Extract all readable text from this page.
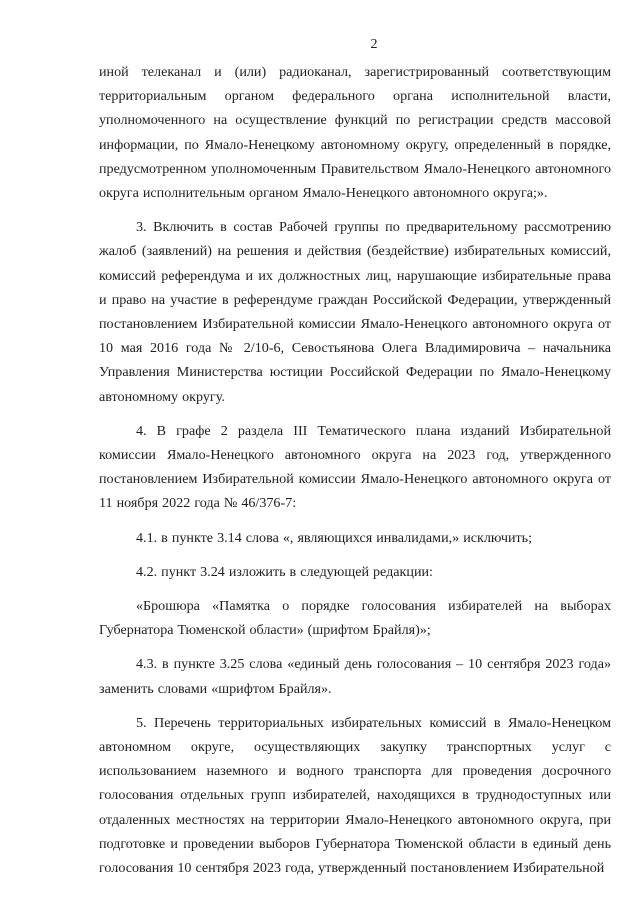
2

иной телеканал и (или) радиоканал, зарегистрированный соответствующим территориальным органом федерального органа исполнительной власти, уполномоченного на осуществление функций по регистрации средств массовой информации, по Ямало-Ненецкому автономному округу, определенный в порядке, предусмотренном уполномоченным Правительством Ямало-Ненецкого автономного округа исполнительным органом Ямало-Ненецкого автономного округа;».

3. Включить в состав Рабочей группы по предварительному рассмотрению жалоб (заявлений) на решения и действия (бездействие) избирательных комиссий, комиссий референдума и их должностных лиц, нарушающие избирательные права и право на участие в референдуме граждан Российской Федерации, утвержденный постановлением Избирательной комиссии Ямало-Ненецкого автономного округа от 10 мая 2016 года № 2/10-6, Севостьянова Олега Владимировича – начальника Управления Министерства юстиции Российской Федерации по Ямало-Ненецкому автономному округу.

4. В графе 2 раздела III Тематического плана изданий Избирательной комиссии Ямало-Ненецкого автономного округа на 2023 год, утвержденного постановлением Избирательной комиссии Ямало-Ненецкого автономного округа от 11 ноября 2022 года № 46/376-7:

4.1. в пункте 3.14 слова «, являющихся инвалидами,» исключить;

4.2. пункт 3.24 изложить в следующей редакции:

«Брошюра «Памятка о порядке голосования избирателей на выборах Губернатора Тюменской области» (шрифтом Брайля)»;

4.3. в пункте 3.25 слова «единый день голосования – 10 сентября 2023 года» заменить словами «шрифтом Брайля».

5. Перечень территориальных избирательных комиссий в Ямало-Ненецком автономном округе, осуществляющих закупку транспортных услуг с использованием наземного и водного транспорта для проведения досрочного голосования отдельных групп избирателей, находящихся в труднодоступных или отдаленных местностях на территории Ямало-Ненецкого автономного округа, при подготовке и проведении выборов Губернатора Тюменской области в единый день голосования 10 сентября 2023 года, утвержденный постановлением Избирательной
